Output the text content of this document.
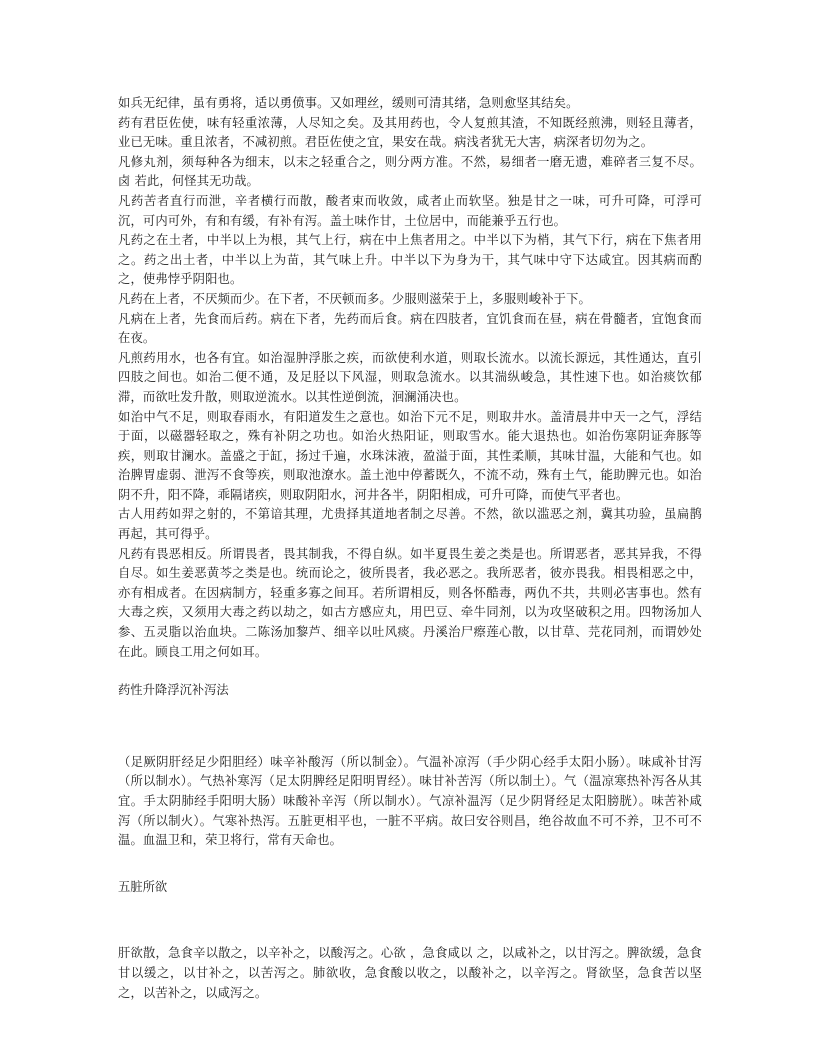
如兵无纪律，虽有勇将，适以勇偾事。又如理丝，缓则可清其绪，急则愈坚其结矣。

药有君臣佐使，味有轻重浓薄，人尽知之矣。及其用药也，令人复煎其渣，不知既经煎沸，则轻且薄者，业已无味。重且浓者，不减初煎。君臣佐使之宜，果安在哉。病浅者犹无大害，病深者切勿为之。

凡修丸剂，须每种各为细末，以末之轻重合之，则分两方准。不然，易细者一磨无遗，难碎者三复不尽。卤 若此，何怪其无功哉。

凡药苦者直行而泄，辛者横行而散，酸者束而收敛，咸者止而软坚。独是甘之一味，可升可降，可浮可沉，可内可外，有和有缓，有补有泻。盖土味作甘，土位居中，而能兼乎五行也。

凡药之在土者，中半以上为根，其气上行，病在中上焦者用之。中半以下为梢，其气下行，病在下焦者用之。药之出土者，中半以上为苗，其气味上升。中半以下为身为干，其气味中守下达咸宜。因其病而酌之，使弗悖乎阴阳也。

凡药在上者，不厌频而少。在下者，不厌顿而多。少服则滋荣于上，多服则峻补于下。

凡病在上者，先食而后药。病在下者，先药而后食。病在四肢者，宜饥食而在昼，病在骨髓者，宜饱食而在夜。

凡煎药用水，也各有宜。如治湿肿浮胀之疾，而欲使利水道，则取长流水。以流长源远，其性通达，直引四肢之间也。如治二便不通，及足胫以下风湿，则取急流水。以其湍纵峻急，其性速下也。如治痰饮郁滞，而欲吐发升散，则取逆流水。以其性逆倒流，洄澜涌决也。

如治中气不足，则取春雨水，有阳道发生之意也。如治下元不足，则取井水。盖清晨井中天一之气，浮结于面，以磁器轻取之，殊有补阴之功也。如治火热阳证，则取雪水。能大退热也。如治伤寒阴证奔豚等疾，则取甘澜水。盖盛之于缸，扬过千遍，水珠沫液，盈溢于面，其性柔顺，其味甘温，大能和气也。如治脾胃虚弱、泄泻不食等疾，则取池潦水。盖土池中停蓄既久，不流不动，殊有土气，能助脾元也。如治阴不升，阳不降，乖隔诸疾，则取阴阳水，河井各半，阴阳相成，可升可降，而使气平者也。

古人用药如羿之射的，不第谙其理，尤贵择其道地者制之尽善。不然，欲以滥恶之剂，冀其功验，虽扁鹊再起，其可得乎。

凡药有畏恶相反。所谓畏者，畏其制我，不得自纵。如半夏畏生姜之类是也。所谓恶者，恶其异我，不得自尽。如生姜恶黄芩之类是也。统而论之，彼所畏者，我必恶之。我所恶者，彼亦畏我。相畏相恶之中，亦有相成者。在因病制方，轻重多寡之间耳。若所谓相反，则各怀酷毒，两仇不共，共则必害事也。然有大毒之疾，又须用大毒之药以劫之，如古方感应丸，用巴豆、牵牛同剂，以为攻坚破积之用。四物汤加人参、五灵脂以治血块。二陈汤加黎芦、细辛以吐风痰。丹溪治尸瘵莲心散，以甘草、芫花同剂，而谓妙处在此。顾良工用之何如耳。

药性升降浮沉补泻法

（足厥阴肝经足少阳胆经）味辛补酸泻（所以制金）。气温补凉泻（手少阴心经手太阳小肠）。味咸补甘泻（所以制水）。气热补寒泻（足太阴脾经足阳明胃经）。味甘补苦泻（所以制土）。气（温凉寒热补泻各从其宜。手太阴肺经手阳明大肠）味酸补辛泻（所以制水）。气凉补温泻（足少阴肾经足太阳膀胱）。味苦补咸泻（所以制火）。气寒补热泻。五脏更相平也，一脏不平病。故曰安谷则昌，绝谷故血不可不养，卫不可不温。血温卫和，荣卫将行，常有天命也。

五脏所欲

肝欲散，急食辛以散之，以辛补之，以酸泻之。心欲 ，急食咸以 之，以咸补之，以甘泻之。脾欲缓，急食甘以缓之，以甘补之，以苦泻之。肺欲收，急食酸以收之，以酸补之，以辛泻之。肾欲坚，急食苦以坚之，以苦补之，以咸泻之。
